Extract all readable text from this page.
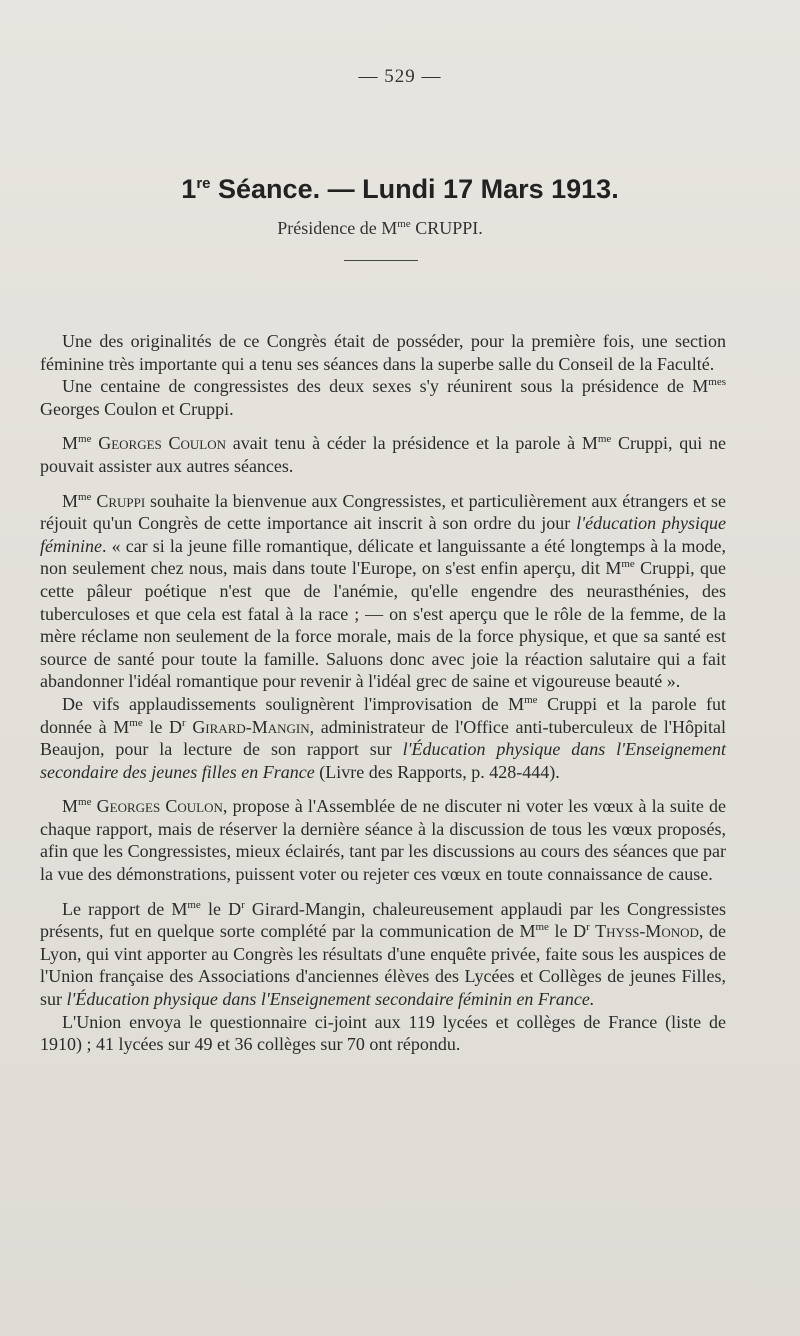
— 529 —
1re Séance. — Lundi 17 Mars 1913.
Présidence de $M^{me}$ CRUPPI.

Une des originalités de ce Congrès était de posséder, pour la première fois, une section féminine très importante qui a tenu ses séances dans la superbe salle du Conseil de la Faculté.

Une centaine de congressistes des deux sexes s'y réunirent sous la présidence de $M^{mes}$ Georges Coulon et Cruppi.

$M^{me}$ Georges Coulon avait tenu à céder la présidence et la parole à $M^{me}$ Cruppi, qui ne pouvait assister aux autres séances.

$M^{me}$ Cruppi souhaite la bienvenue aux Congressistes, et particulièrement aux étrangers et se réjouit qu'un Congrès de cette importance ait inscrit à son ordre du jour l'éducation physique féminine. « car si la jeune fille romantique, délicate et languissante a été longtemps à la mode, non seulement chez nous, mais dans toute l'Europe, on s'est enfin aperçu, dit $M^{me}$ Cruppi, que cette pâleur poétique n'est que de l'anémie, qu'elle engendre des neurasthénies, des tuberculoses et que cela est fatal à la race ; — on s'est aperçu que le rôle de la femme, de la mère réclame non seulement de la force morale, mais de la force physique, et que sa santé est source de santé pour toute la famille. Saluons donc avec joie la réaction salutaire qui a fait abandonner l'idéal romantique pour revenir à l'idéal grec de saine et vigoureuse beauté ».

De vifs applaudissements soulignèrent l'improvisation de $M^{me}$ Cruppi et la parole fut donnée à $M^{me}$ le $D^r$ Girard-Mangin, administrateur de l'Office anti-tuberculeux de l'Hôpital Beaujon, pour la lecture de son rapport sur l'Éducation physique dans l'Enseignement secondaire des jeunes filles en France (Livre des Rapports, p. 428-444).

$M^{me}$ Georges Coulon, propose à l'Assemblée de ne discuter ni voter les vœux à la suite de chaque rapport, mais de réserver la dernière séance à la discussion de tous les vœux proposés, afin que les Congressistes, mieux éclairés, tant par les discussions au cours des séances que par la vue des démonstrations, puissent voter ou rejeter ces vœux en toute connaissance de cause.

Le rapport de $M^{me}$ le $D^r$ Girard-Mangin, chaleureusement applaudi par les Congressistes présents, fut en quelque sorte complété par la communication de $M^{me}$ le $D^r$ Thyss-Monod, de Lyon, qui vint apporter au Congrès les résultats d'une enquête privée, faite sous les auspices de l'Union française des Associations d'anciennes élèves des Lycées et Collèges de jeunes Filles, sur l'Éducation physique dans l'Enseignement secondaire féminin en France.

L'Union envoya le questionnaire ci-joint aux 119 lycées et collèges de France (liste de 1910) ; 41 lycées sur 49 et 36 collèges sur 70 ont répondu.
